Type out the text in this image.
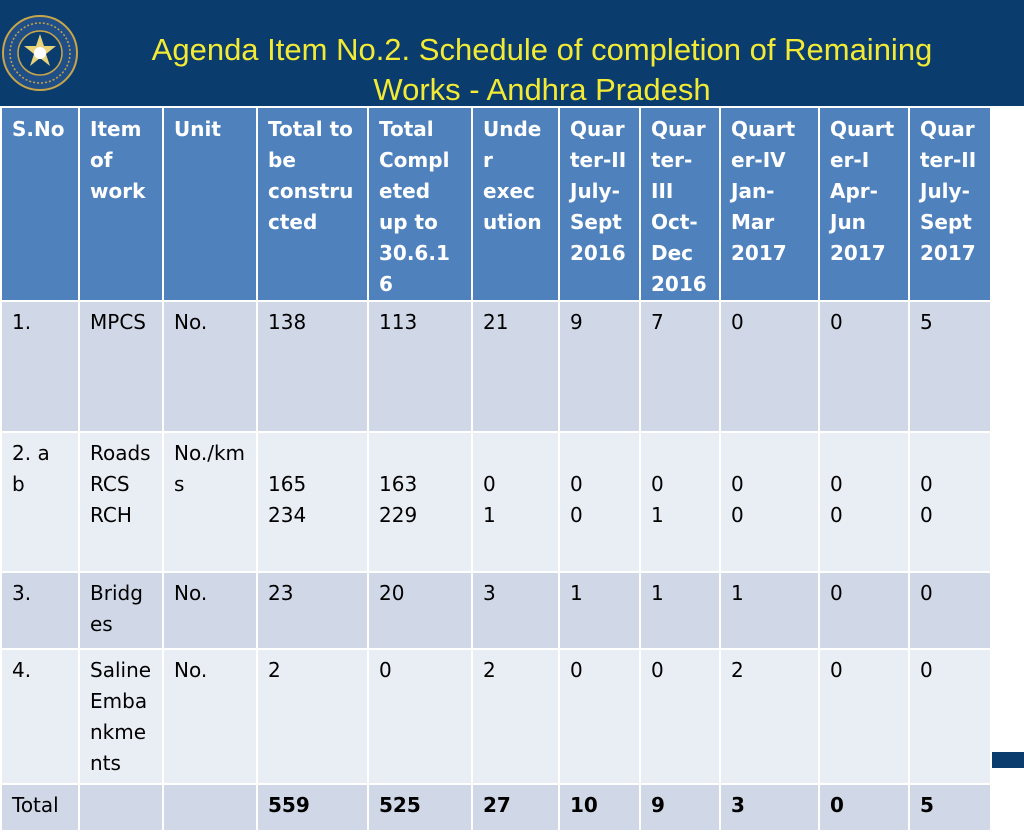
Agenda Item No.2. Schedule of completion of Remaining
Works - Andhra Pradesh
S.No	Item of work	Unit	Total to be constructed	Total Completed up to 30.6.16	Under execution	Quarter-II July-Sept 2016	Quarter-III Oct-Dec 2016	Quarter-IV Jan-Mar 2017	Quarter-I Apr-Jun 2017	Quarter-II July-Sept 2017
1.	MPCS	No.	138	113	21	9	7	0	0	5
2. a b	Roads RCS RCH	No./kms	165 234	163 229	0 1	0 0	0 1	0 0	0 0	0 0
3.	Bridges	No.	23	20	3	1	1	1	0	0
4.	Saline Embankments	No.	2	0	2	0	0	2	0	0
Total			559	525	27	10	9	3	0	5
